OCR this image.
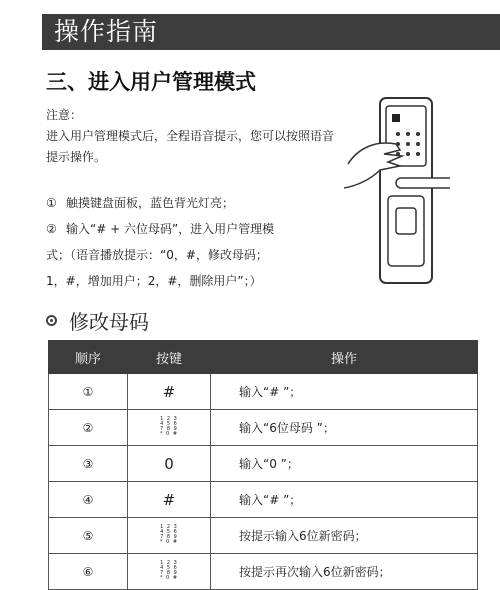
操作指南
三、进入用户管理模式
注意：
进入用户管理模式后，全程语音提示，您可以按照语音提示操作。
① 触摸键盘面板，蓝色背光灯亮；
② 输入“# + 六位母码”，进入用户管理模
式；（语音播放提示：“0，#，修改母码；
1，#，增加用户；2，#，删除用户”；）
修改母码
顺序	按键	操作
①	#	输入“# ”；
②	1 2 3
4 5 6
7 8 9
* 0 #	输入“6位母码 ”；
③	0	输入“0 ”；
④	#	输入“# ”；
⑤	1 2 3
4 5 6
7 8 9
* 0 #	按提示输入6位新密码；
⑥	1 2 3
4 5 6
7 8 9
* 0 #	按提示再次输入6位新密码；
